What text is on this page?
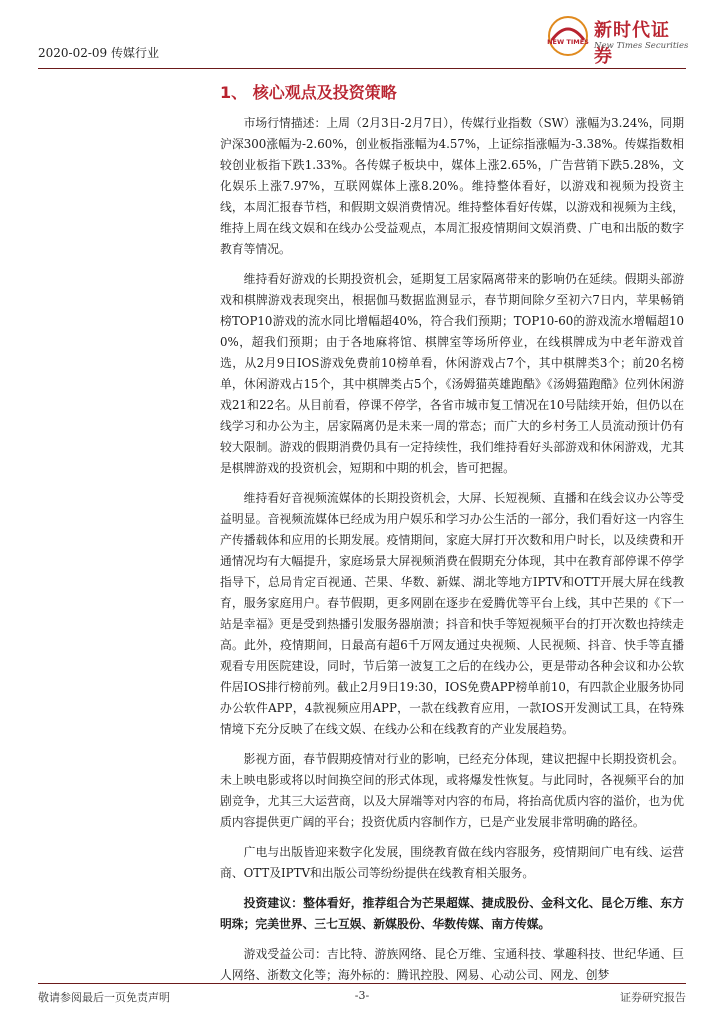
2020-02-09 传媒行业
NEW TIMES
新时代证券
New Times Securities
1、 核心观点及投资策略

市场行情描述：上周（2月3日-2月7日），传媒行业指数（SW）涨幅为3.24%，同期沪深300涨幅为-2.60%，创业板指涨幅为4.57%，上证综指涨幅为-3.38%。传媒指数相较创业板指下跌1.33%。各传媒子板块中，媒体上涨2.65%，广告营销下跌5.28%，文化娱乐上涨7.97%，互联网媒体上涨8.20%。维持整体看好，以游戏和视频为投资主线，本周汇报春节档，和假期文娱消费情况。维持整体看好传媒，以游戏和视频为主线，维持上周在线文娱和在线办公受益观点，本周汇报疫情期间文娱消费、广电和出版的数字教育等情况。

维持看好游戏的长期投资机会，延期复工居家隔离带来的影响仍在延续。假期头部游戏和棋牌游戏表现突出，根据伽马数据监测显示，春节期间除夕至初六7日内，苹果畅销榜TOP10游戏的流水同比增幅超40%，符合我们预期；TOP10-60的游戏流水增幅超100%，超我们预期；由于各地麻将馆、棋牌室等场所停业，在线棋牌成为中老年游戏首选，从2月9日IOS游戏免费前10榜单看，休闲游戏占7个，其中棋牌类3个；前20名榜单，休闲游戏占15个，其中棋牌类占5个，《汤姆猫英雄跑酷》《汤姆猫跑酷》位列休闲游戏21和22名。从目前看，停课不停学，各省市城市复工情况在10号陆续开始，但仍以在线学习和办公为主，居家隔离仍是未来一周的常态；而广大的乡村务工人员流动预计仍有较大限制。游戏的假期消费仍具有一定持续性，我们维持看好头部游戏和休闲游戏，尤其是棋牌游戏的投资机会，短期和中期的机会，皆可把握。

维持看好音视频流媒体的长期投资机会，大屏、长短视频、直播和在线会议办公等受益明显。音视频流媒体已经成为用户娱乐和学习办公生活的一部分，我们看好这一内容生产传播载体和应用的长期发展。疫情期间，家庭大屏打开次数和用户时长，以及续费和开通情况均有大幅提升，家庭场景大屏视频消费在假期充分体现，其中在教育部停课不停学指导下，总局肯定百视通、芒果、华数、新媒、湖北等地方IPTV和OTT开展大屏在线教育，服务家庭用户。春节假期，更多网剧在逐步在爱腾优等平台上线，其中芒果的《下一站是幸福》更是受到热播引发服务器崩溃；抖音和快手等短视频平台的打开次数也持续走高。此外，疫情期间，日最高有超6千万网友通过央视频、人民视频、抖音、快手等直播观看专用医院建设，同时，节后第一波复工之后的在线办公，更是带动各种会议和办公软件居IOS排行榜前列。截止2月9日19:30，IOS免费APP榜单前10，有四款企业服务协同办公软件APP，4款视频应用APP，一款在线教育应用，一款IOS开发测试工具，在特殊情境下充分反映了在线文娱、在线办公和在线教育的产业发展趋势。

影视方面，春节假期疫情对行业的影响，已经充分体现，建议把握中长期投资机会。未上映电影或将以时间换空间的形式体现，或将爆发性恢复。与此同时，各视频平台的加剧竞争，尤其三大运营商，以及大屏端等对内容的布局，将抬高优质内容的溢价，也为优质内容提供更广阔的平台；投资优质内容制作方，已是产业发展非常明确的路径。

广电与出版皆迎来数字化发展，围绕教育做在线内容服务，疫情期间广电有线、运营商、OTT及IPTV和出版公司等纷纷提供在线教育相关服务。

投资建议：整体看好，推荐组合为芒果超媒、捷成股份、金科文化、昆仑万维、东方明珠；完美世界、三七互娱、新媒股份、华数传媒、南方传媒。

游戏受益公司：吉比特、游族网络、昆仑万维、宝通科技、掌趣科技、世纪华通、巨人网络、浙数文化等；海外标的：腾讯控股、网易、心动公司、网龙、创梦

敬请参阅最后一页免责声明	-3-	证券研究报告
